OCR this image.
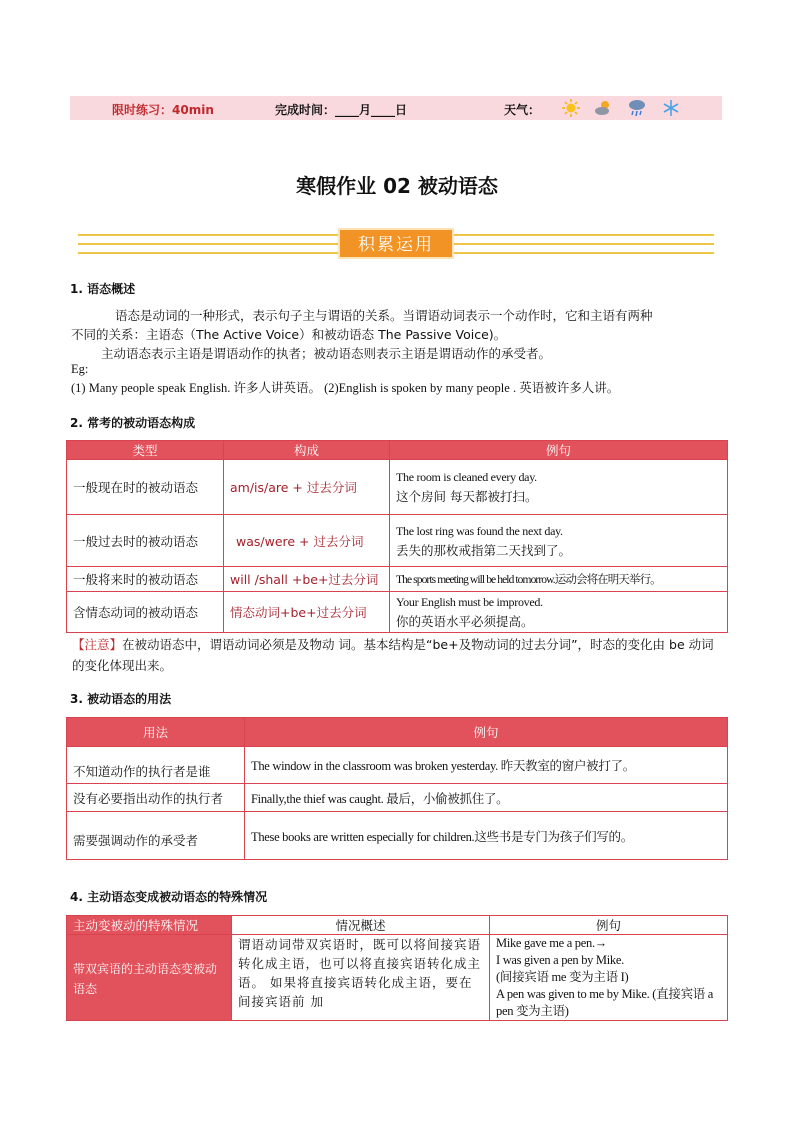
限时练习：40min	完成时间：____月____日	天气：
寒假作业 02 被动语态
积累运用
1. 语态概述
语态是动词的一种形式，表示句子主与谓语的关系。当谓语动词表示一个动作时，它和主语有两种
不同的关系：主语态（The Active Voice）和被动语态 The Passive Voice)。
主动语态表示主语是谓语动作的执者；被动语态则表示主语是谓语动作的承受者。
Eg:
(1) Many people speak English. 许多人讲英语。 (2)English is spoken by many people . 英语被许多人讲。
2. 常考的被动语态构成
类型	构成	例句
一般现在时的被动语态	am/is/are + 过去分词	The room is cleaned every day.
这个房间 每天都被打扫。

一般过去时的被动语态	was/were + 过去分词	The lost ring was found the next day.
丢失的那枚戒指第二天找到了。

一般将来时的被动语态	will /shall +be+过去分词	The sports meeting will be held tomorrow.运动会将在明天举行。

含情态动词的被动语态	情态动词+be+过去分词	Your English must be improved.
你的英语水平必须提高。
【注意】在被动语态中，谓语动词必须是及物动 词。基本结构是“be+及物动词的过去分词”，时态的变化由 be 动词的变化体现出来。
3. 被动语态的用法
用法	例句
不知道动作的执行者是谁	The window in the classroom was broken yesterday. 昨天教室的窗户被打了。
没有必要指出动作的执行者	Finally,the thief was caught. 最后，小偷被抓住了。
需要强调动作的承受者	These books are written especially for children.这些书是专门为孩子们写的。
4. 主动语态变成被动语态的特殊情况
主动变被动的特殊情况	情况概述	例句
带双宾语的主动语态变被动语态	谓语动词带双宾语时，既可以将间接宾语 转化成主语，也可以将直接宾语转化成主语。 如果将直接宾语转化成主语，要在间接宾语前 加	Mike gave me a pen.→
I was given a pen by Mike.
(间接宾语 me 变为主语 I)
A pen was given to me by Mike. (直接宾语 a pen 变为主语)
